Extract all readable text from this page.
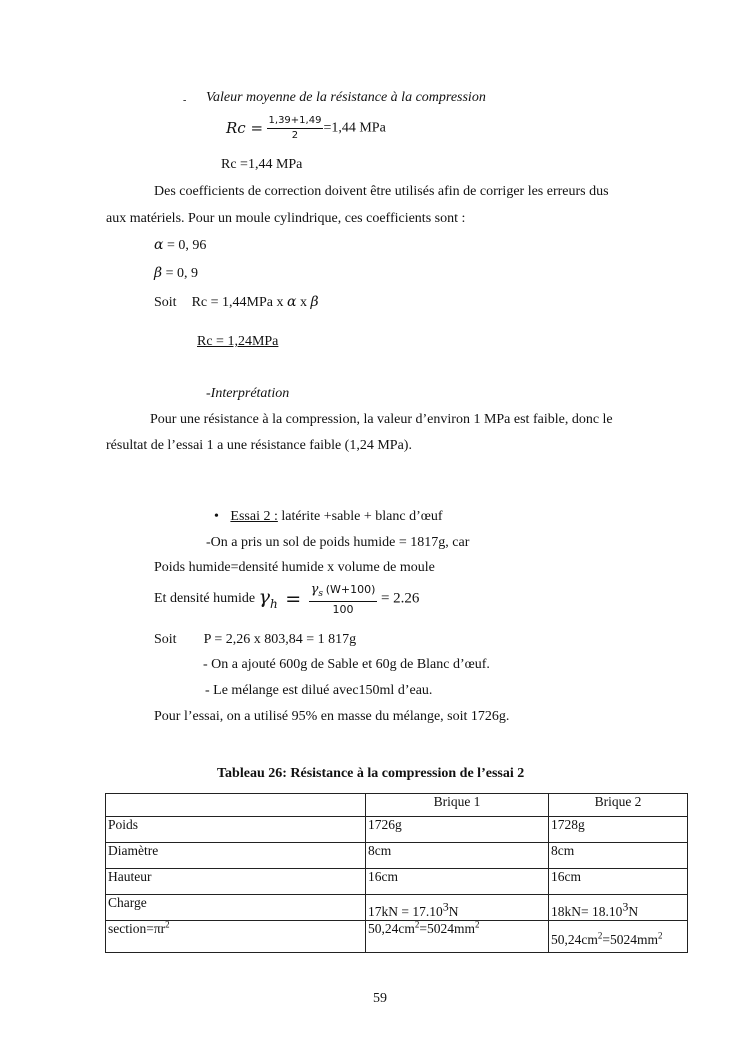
- Valeur moyenne de la résistance à la compression
$Rc = \frac{1,39+1,49}{2} =1,44$ MPa
Rc =1,44 MPa
Des coefficients de correction doivent être utilisés afin de corriger les erreurs dus
aux matériels. Pour un moule cylindrique, ces coefficients sont :
α = 0, 96
β = 0, 9
Soit Rc = 1,44MPa x α x β
Rc = 1,24MPa
-Interprétation
Pour une résistance à la compression, la valeur d’environ 1 MPa est faible, donc le
résultat de l’essai 1 a une résistance faible (1,24 MPa).
• Essai 2 : latérite +sable + blanc d’œuf
-On a pris un sol de poids humide = 1817g, car
Poids humide=densité humide x volume de moule
Et densité humide $\gamma_h = \frac{\gamma_s (W+100)}{100} = 2.26$
Soit P = 2,26 x 803,84 = 1 817g
- On a ajouté 600g de Sable et 60g de Blanc d’œuf.
- Le mélange est dilué avec150ml d’eau.
Pour l’essai, on a utilisé 95% en masse du mélange, soit 1726g.
Tableau 26: Résistance à la compression de l’essai 2
	Brique 1	Brique 2
Poids	1726g	1728g
Diamètre	8cm	8cm
Hauteur	16cm	16cm
Charge	$17kN = 17.10^3N$	$18kN= 18.10^3N$
$section=\pi r^2$	$50,24cm^2=5024mm^2$	$50,24cm^2=5024mm^2$
59
